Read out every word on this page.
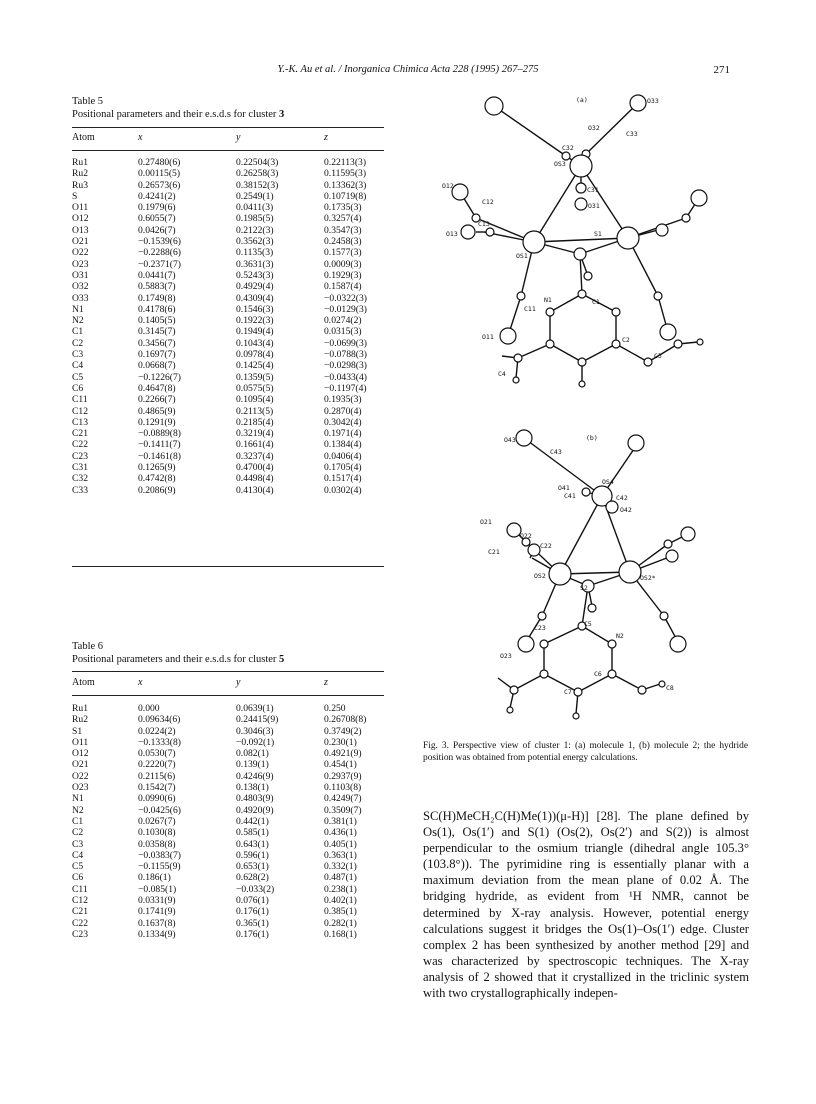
Y.-K. Au et al. / Inorganica Chimica Acta 228 (1995) 267–275	271
Table 5
Positional parameters and their e.s.d.s for cluster 3
Atom	x	y	z
Ru1	0.27480(6)	0.22504(3)	0.22113(3)
Ru2	0.00115(5)	0.26258(3)	0.11595(3)
Ru3	0.26573(6)	0.38152(3)	0.13362(3)
S	0.4241(2)	0.2549(1)	0.10719(8)
O11	0.1979(6)	0.0411(3)	0.1735(3)
O12	0.6055(7)	0.1985(5)	0.3257(4)
O13	0.0426(7)	0.2122(3)	0.3547(3)
O21	−0.1539(6)	0.3562(3)	0.2458(3)
O22	−0.2288(6)	0.1135(3)	0.1577(3)
O23	−0.2371(7)	0.3631(3)	0.0009(3)
O31	0.0441(7)	0.5243(3)	0.1929(3)
O32	0.5883(7)	0.4929(4)	0.1587(4)
O33	0.1749(8)	0.4309(4)	−0.0322(3)
N1	0.4178(6)	0.1546(3)	−0.0129(3)
N2	0.1405(5)	0.1922(3)	0.0274(2)
C1	0.3145(7)	0.1949(4)	0.0315(3)
C2	0.3456(7)	0.1043(4)	−0.0699(3)
C3	0.1697(7)	0.0978(4)	−0.0788(3)
C4	0.0668(7)	0.1425(4)	−0.0298(3)
C5	−0.1226(7)	0.1359(5)	−0.0433(4)
C6	0.4647(8)	0.0575(5)	−0.1197(4)
C11	0.2266(7)	0.1095(4)	0.1935(3)
C12	0.4865(9)	0.2113(5)	0.2870(4)
C13	0.1291(9)	0.2185(4)	0.3042(4)
C21	−0.0889(8)	0.3219(4)	0.1971(4)
C22	−0.1411(7)	0.1661(4)	0.1384(4)
C23	−0.1461(8)	0.3237(4)	0.0406(4)
C31	0.1265(9)	0.4700(4)	0.1705(4)
C32	0.4742(8)	0.4498(4)	0.1517(4)
C33	0.2086(9)	0.4130(4)	0.0302(4)
Table 6
Positional parameters and their e.s.d.s for cluster 5
Atom	x	y	z
Ru1	0.000	0.0639(1)	0.250
Ru2	0.09634(6)	0.24415(9)	0.26708(8)
S1	0.0224(2)	0.3046(3)	0.3749(2)
O11	−0.1333(8)	−0.092(1)	0.230(1)
O12	0.0530(7)	0.082(1)	0.4921(9)
O21	0.2220(7)	0.139(1)	0.454(1)
O22	0.2115(6)	0.4246(9)	0.2937(9)
O23	0.1542(7)	0.138(1)	0.1103(8)
N1	0.0990(6)	0.4803(9)	0.4249(7)
N2	−0.0425(6)	0.4920(9)	0.3509(7)
C1	0.0267(7)	0.442(1)	0.381(1)
C2	0.1030(8)	0.585(1)	0.436(1)
C3	0.0358(8)	0.643(1)	0.405(1)
C4	−0.0383(7)	0.596(1)	0.363(1)
C5	−0.1155(9)	0.653(1)	0.332(1)
C6	0.186(1)	0.628(2)	0.487(1)
C11	−0.085(1)	−0.033(2)	0.238(1)
C12	0.0331(9)	0.076(1)	0.402(1)
C21	0.1741(9)	0.176(1)	0.385(1)
C22	0.1637(8)	0.365(1)	0.282(1)
C23	0.1334(9)	0.176(1)	0.168(1)
(a)	O33
O32
C33
C32
OS3
C31
O31
O12
C12
O13
C13
OS1
S1
N1	C1
C11
O11	C2
C3
C4
(b)
O43
C43
OS4
O41
C41	C42
O42
O21
O22
C22
C21
OS2	OS2*
S2
C23	C5
N2
O23
C6
C7	C8
Fig. 3. Perspective view of cluster 1: (a) molecule 1, (b) molecule 2; the hydride position was obtained from potential energy calculations.
SC(H)MeCH₂C(H)Me(1))(μ-H)] [28]. The plane defined by Os(1), Os(1′) and S(1) (Os(2), Os(2′) and S(2)) is almost perpendicular to the osmium triangle (dihedral angle 105.3° (103.8°)). The pyrimidine ring is essentially planar with a maximum deviation from the mean plane of 0.02 Å. The bridging hydride, as evident from ¹H NMR, cannot be determined by X-ray analysis. However, potential energy calculations suggest it bridges the Os(1)–Os(1′) edge. Cluster complex 2 has been synthesized by another method [29] and was characterized by spectroscopic techniques. The X-ray analysis of 2 showed that it crystallized in the triclinic system with two crystallographically indepen-
